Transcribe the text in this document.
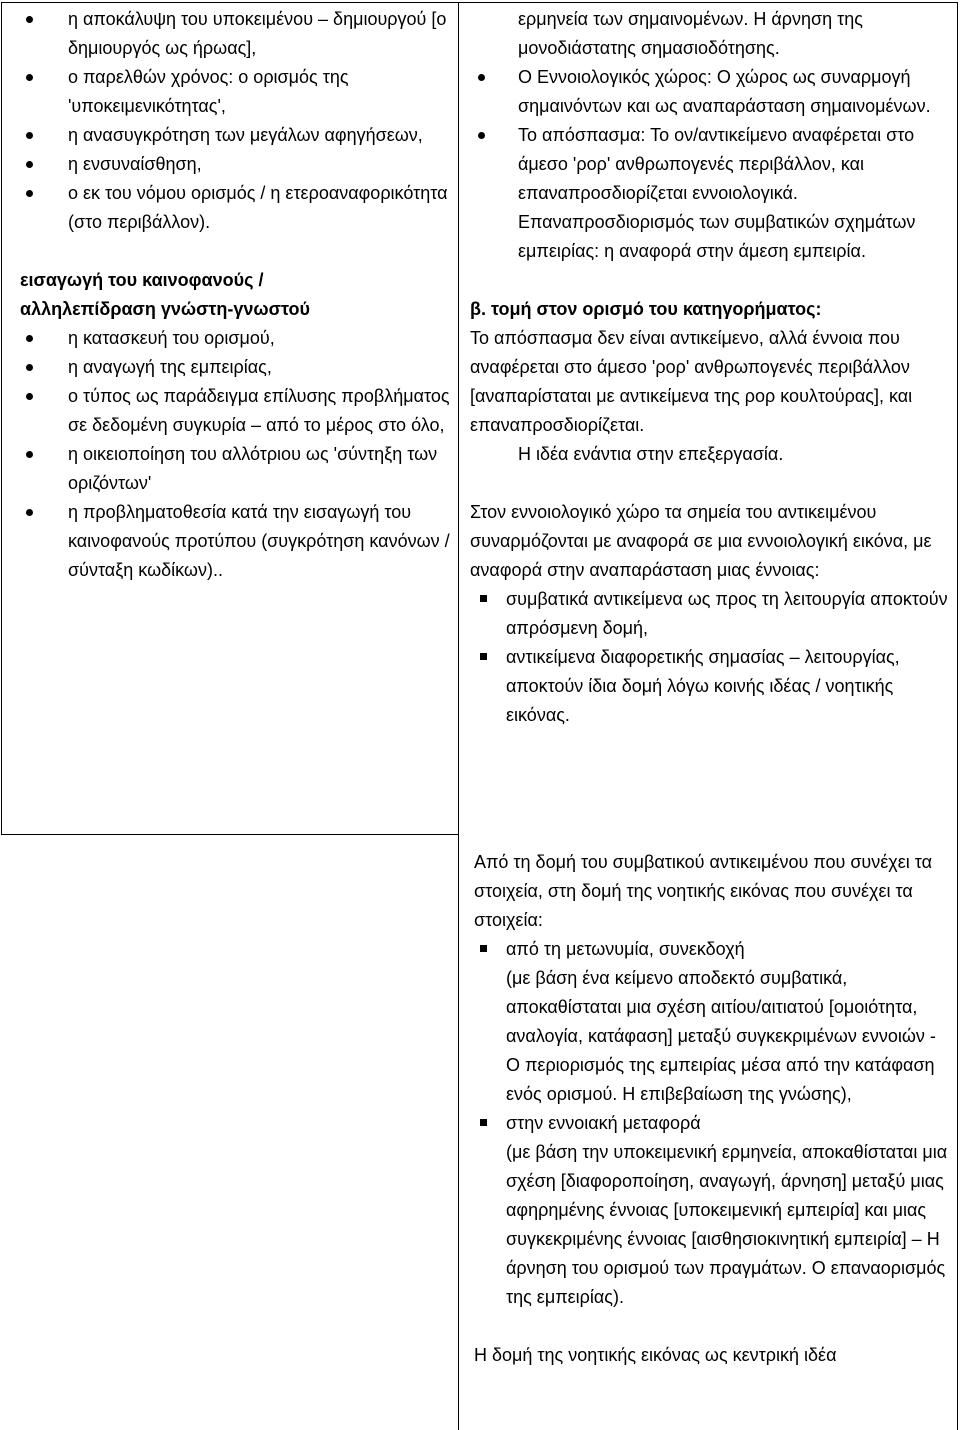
η αποκάλυψη του υποκειμένου – δημιουργού [ο δημιουργός ως ήρωας],

ο παρελθών χρόνος: ο ορισμός της 'υποκειμενικότητας',

η ανασυγκρότηση των μεγάλων αφηγήσεων,

η ενσυναίσθηση,

ο εκ του νόμου ορισμός / η ετεροαναφορικότητα (στο περιβάλλον).

εισαγωγή του καινοφανούς /

αλληλεπίδραση γνώστη-γνωστού

η κατασκευή του ορισμού,

η αναγωγή της εμπειρίας,

ο τύπος ως παράδειγμα επίλυσης προβλήματος σε δεδομένη συγκυρία – από το μέρος στο όλο,

η οικειοποίηση του αλλότριου ως 'σύντηξη των οριζόντων'

η προβληματοθεσία κατά την εισαγωγή του καινοφανούς προτύπου (συγκρότηση κανόνων / σύνταξη κωδίκων)..

ερμηνεία των σημαινομένων. Η άρνηση της
μονοδιάστατης σημασιοδότησης.

Ο Εννοιολογικός χώρος: Ο χώρος ως συναρμογή σημαινόντων και ως αναπαράσταση σημαινομένων.

Το απόσπασμα: Το ον/αντικείμενο αναφέρεται στο άμεσο 'ρορ' ανθρωπογενές περιβάλλον, και επαναπροσδιορίζεται εννοιολογικά. Επαναπροσδιορισμός των συμβατικών σχημάτων εμπειρίας: η αναφορά στην άμεση εμπειρία.

β. τομή στον ορισμό του κατηγορήματος:

Το απόσπασμα δεν είναι αντικείμενο, αλλά έννοια που αναφέρεται στο άμεσο 'ρορ' ανθρωπογενές περιβάλλον [αναπαρίσταται με αντικείμενα της ρορ κουλτούρας], και επαναπροσδιορίζεται.

Η ιδέα ενάντια στην επεξεργασία.

Στον εννοιολογικό χώρο τα σημεία του αντικειμένου συναρμόζονται με αναφορά σε μια εννοιολογική εικόνα, με αναφορά στην αναπαράσταση μιας έννοιας:

συμβατικά αντικείμενα ως προς τη λειτουργία αποκτούν απρόσμενη δομή,

αντικείμενα διαφορετικής σημασίας – λειτουργίας, αποκτούν ίδια δομή λόγω κοινής ιδέας / νοητικής εικόνας.

Από τη δομή του συμβατικού αντικειμένου που συνέχει τα στοιχεία, στη δομή της νοητικής εικόνας που συνέχει τα στοιχεία:

από τη μετωνυμία, συνεκδοχή

(με βάση ένα κείμενο αποδεκτό συμβατικά, αποκαθίσταται μια σχέση αιτίου/αιτιατού [ομοιότητα, αναλογία, κατάφαση] μεταξύ συγκεκριμένων εννοιών - Ο περιορισμός της εμπειρίας μέσα από την κατάφαση ενός ορισμού. Η επιβεβαίωση της γνώσης),

στην εννοιακή μεταφορά

(με βάση την υποκειμενική ερμηνεία, αποκαθίσταται μια σχέση [διαφοροποίηση, αναγωγή, άρνηση] μεταξύ μιας αφηρημένης έννοιας [υποκειμενική εμπειρία] και μιας συγκεκριμένης έννοιας [αισθησιοκινητική εμπειρία] – Η άρνηση του ορισμού των πραγμάτων. Ο επαναορισμός της εμπειρίας).

Η δομή της νοητικής εικόνας ως κεντρική ιδέα
